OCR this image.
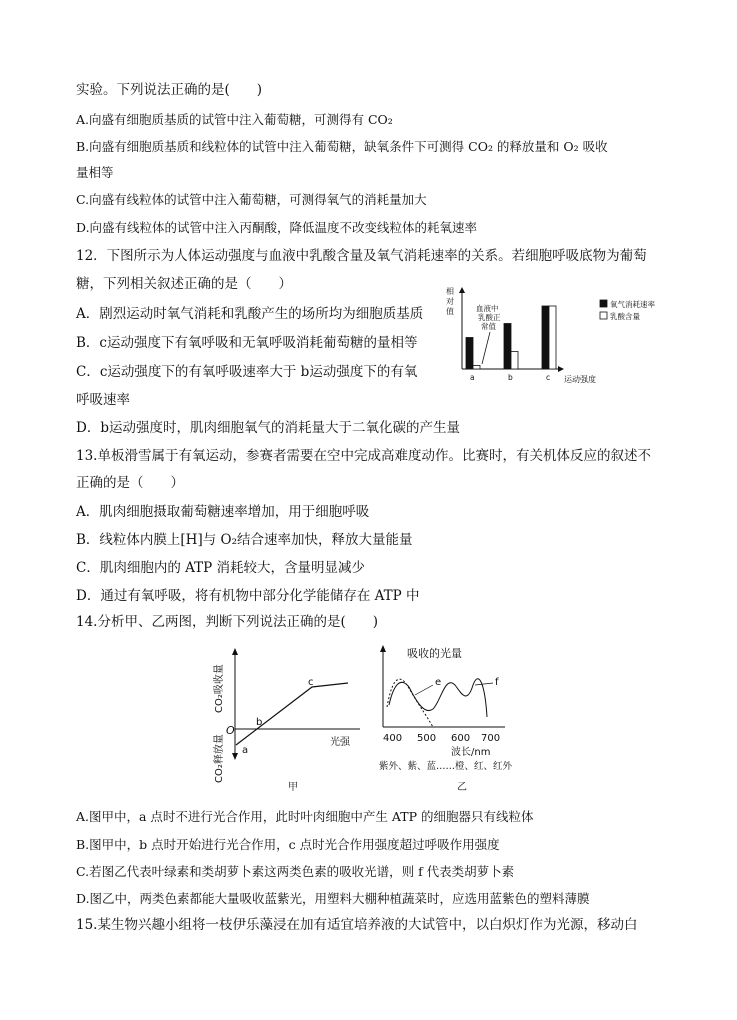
实验。下列说法正确的是(　　)
A.向盛有细胞质基质的试管中注入葡萄糖，可测得有 CO₂
B.向盛有细胞质基质和线粒体的试管中注入葡萄糖，缺氧条件下可测得 CO₂ 的释放量和 O₂ 吸收
量相等
C.向盛有线粒体的试管中注入葡萄糖，可测得氧气的消耗量加大
D.向盛有线粒体的试管中注入丙酮酸，降低温度不改变线粒体的耗氧速率
12．下图所示为人体运动强度与血液中乳酸含量及氧气消耗速率的关系。若细胞呼吸底物为葡萄
糖，下列相关叙述正确的是（　　）
A．剧烈运动时氧气消耗和乳酸产生的场所均为细胞质基质
B．c运动强度下有氧呼吸和无氧呼吸消耗葡萄糖的量相等
C．c运动强度下的有氧呼吸速率大于 b运动强度下的有氧
呼吸速率
D．b运动强度时，肌肉细胞氧气的消耗量大于二氧化碳的产生量
13.单板滑雪属于有氧运动，参赛者需要在空中完成高难度动作。比赛时，有关机体反应的叙述不
正确的是（　　）
A．肌肉细胞摄取葡萄糖速率增加，用于细胞呼吸
B．线粒体内膜上[H]与 O₂结合速率加快，释放大量能量
C．肌肉细胞内的 ATP 消耗较大，含量明显减少
D．通过有氧呼吸，将有机物中部分化学能储存在 ATP 中
14.分析甲、乙两图，判断下列说法正确的是(　　)
A.图甲中，a 点时不进行光合作用，此时叶肉细胞中产生 ATP 的细胞器只有线粒体
B.图甲中，b 点时开始进行光合作用，c 点时光合作用强度超过呼吸作用强度
C.若图乙代表叶绿素和类胡萝卜素这两类色素的吸收光谱，则 f 代表类胡萝卜素
D.图乙中，两类色素都能大量吸收蓝紫光，用塑料大棚种植蔬菜时，应选用蓝紫色的塑料薄膜
15.某生物兴趣小组将一枝伊乐藻浸在加有适宜培养液的大试管中，以白炽灯作为光源，移动白
相
对
值	血液中
乳酸正
常值
a	b	c 运动强度
氧气消耗速率
乳酸含量
CO₂吸收量
CO₂释放量
O
a
b
c
光强
甲
吸收的光量
e	f
400 500 600 700
波长/nm
紫外、紫、蓝……橙、红、红外
乙
